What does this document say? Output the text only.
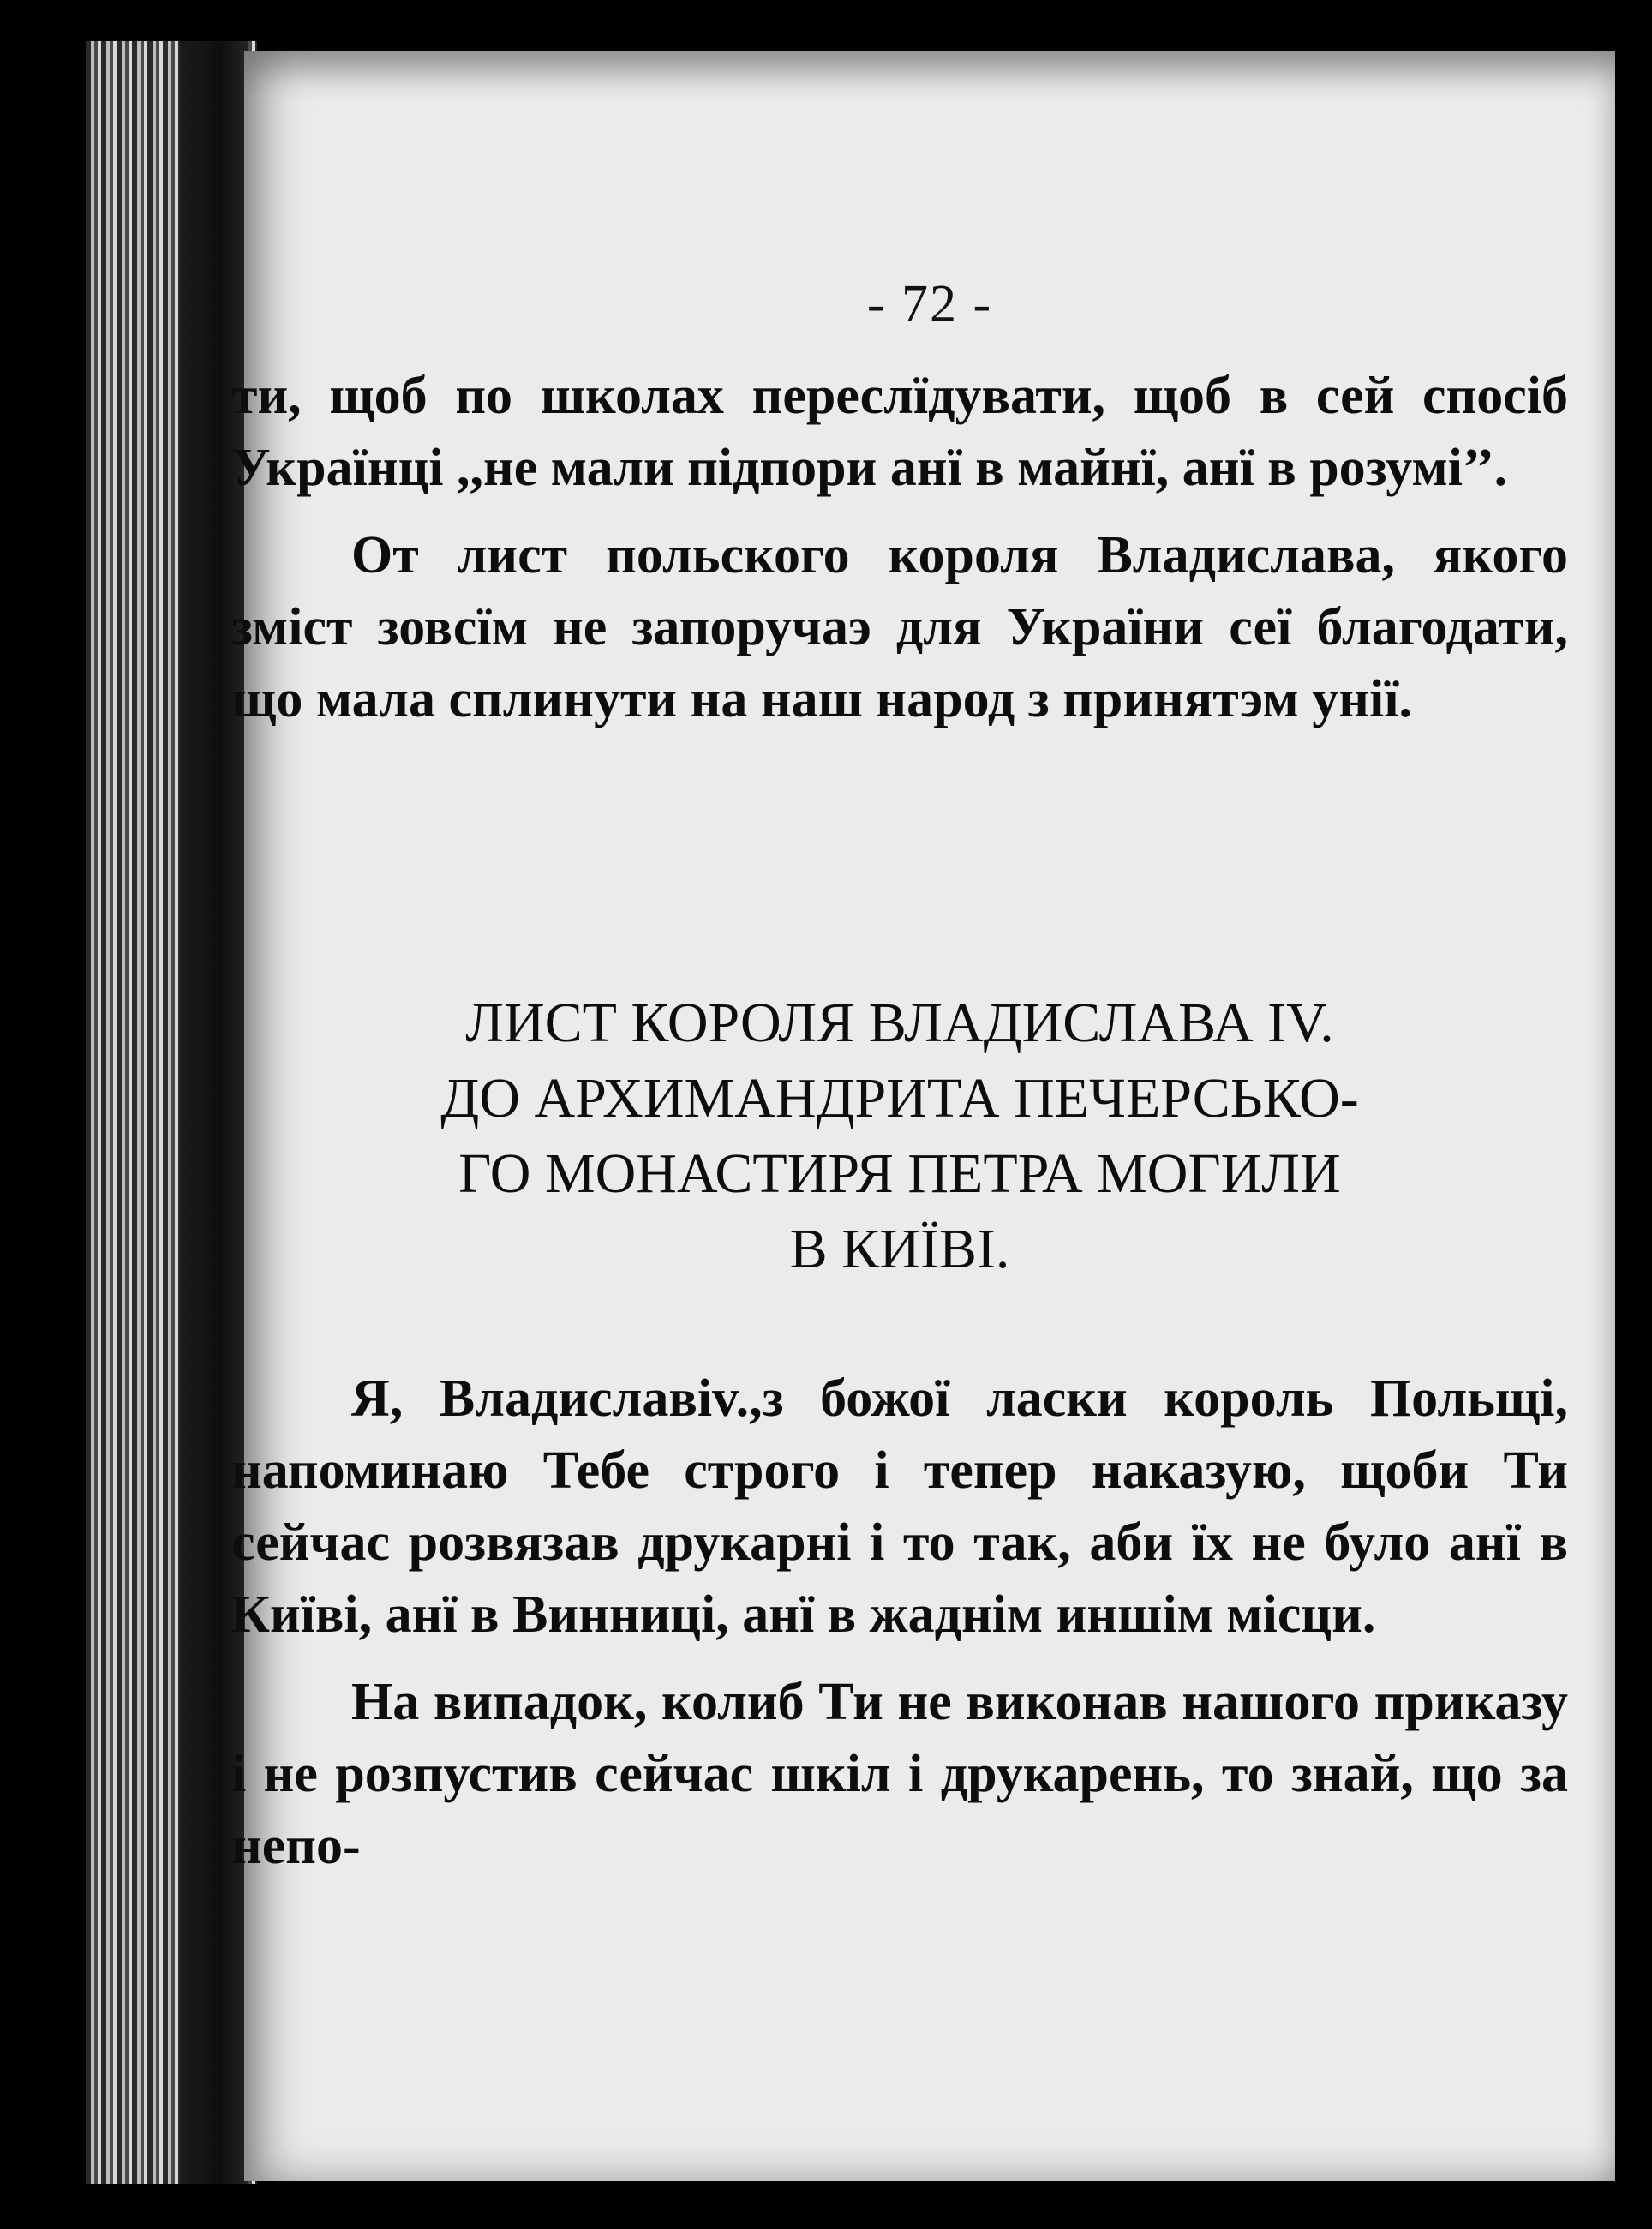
- 72 -

ти, щоб по школах переслїдувати, щоб в сей спосіб Українці ,,не мали підпори анї в майнї, анї в розумі’’.

От лист польского короля Владислава, якого зміст зовсїм не запоручаэ для України сеї благодати, що мала сплинути на наш народ з принятэм унії.

ЛИСТ КОРОЛЯ ВЛАДИСЛАВА IV.
ДО АРХИМАНДРИТА ПЕЧЕРСЬКО-
ГО МОНАСТИРЯ ПЕТРА МОГИЛИ
В КИЇВІ.

Я, Владиславіv.,з божої ласки король Польщі, напоминаю Тебе строго і тепер наказую, щоби Ти сейчас розвязав друкарні і то так, аби їх не було анї в Київі, анї в Винниці, анї в жаднім иншім місци.

На випадок, колиб Ти не виконав нашого приказу і не розпустив сейчас шкіл і друкарень, то знай, що за непо-
